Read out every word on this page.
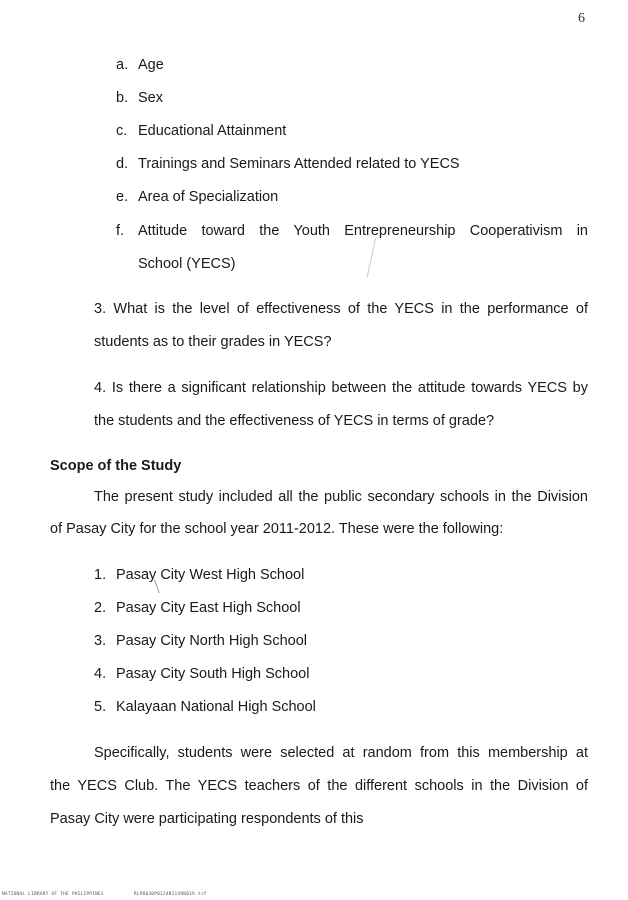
6
a. Age
b. Sex
c. Educational Attainment
d. Trainings and Seminars Attended related to YECS
e. Area of Specialization
f. Attitude toward the Youth Entrepreneurship Cooperativism in
School (YECS)
3. What is the level of effectiveness of the YECS in the performance of
students as to their grades in YECS?
4. Is there a significant relationship between the attitude towards YECS by
the students and the effectiveness of YECS in terms of grade?
Scope of the Study
The present study included all the public secondary schools in the Division
of Pasay City for the school year 2011-2012. These were the following:
1. Pasay City West High School
2. Pasay City East High School
3. Pasay City North High School
4. Pasay City South High School
5. Kalayaan National High School
Specifically, students were selected at random from this membership at
the YECS Club. The YECS teachers of the different schools in the Division of
Pasay City were participating respondents of this
NATIONAL LIBRARY OF THE PHILIPPINES	RLP0030P0124B1149B019.tif
